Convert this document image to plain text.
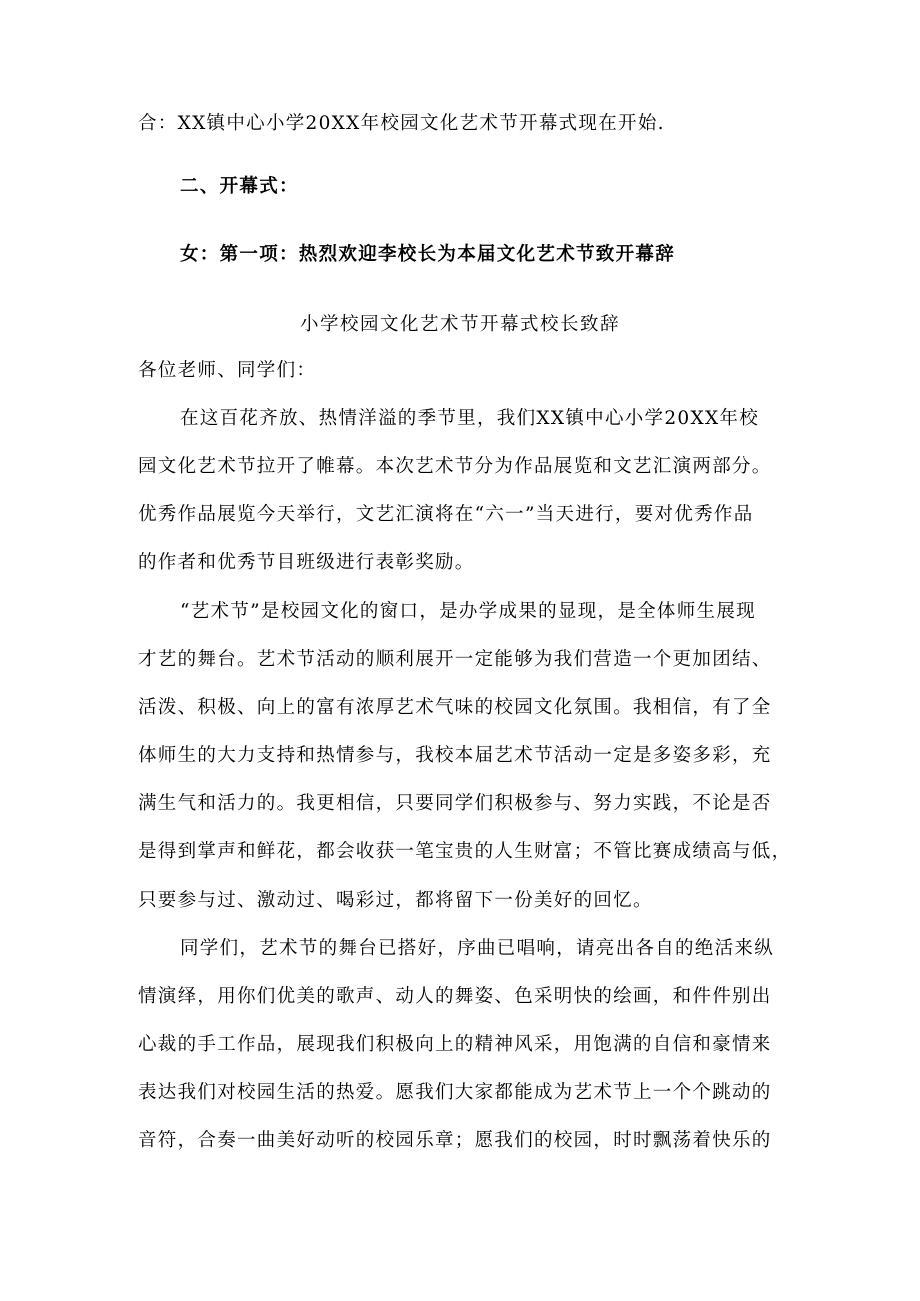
合：XX镇中心小学20XX年校园文化艺术节开幕式现在开始.
二、开幕式：
女：第一项：热烈欢迎李校长为本届文化艺术节致开幕辞
小学校园文化艺术节开幕式校长致辞
各位老师、同学们：
在这百花齐放、热情洋溢的季节里，我们XX镇中心小学20XX年校
园文化艺术节拉开了帷幕。本次艺术节分为作品展览和文艺汇演两部分。
优秀作品展览今天举行，文艺汇演将在“六一”当天进行，要对优秀作品
的作者和优秀节目班级进行表彰奖励。
“艺术节”是校园文化的窗口，是办学成果的显现，是全体师生展现
才艺的舞台。艺术节活动的顺利展开一定能够为我们营造一个更加团结、
活泼、积极、向上的富有浓厚艺术气味的校园文化氛围。我相信，有了全
体师生的大力支持和热情参与，我校本届艺术节活动一定是多姿多彩，充
满生气和活力的。我更相信，只要同学们积极参与、努力实践，不论是否
是得到掌声和鲜花，都会收获一笔宝贵的人生财富；不管比赛成绩高与低，
只要参与过、激动过、喝彩过，都将留下一份美好的回忆。
同学们，艺术节的舞台已搭好，序曲已唱响，请亮出各自的绝活来纵
情演绎，用你们优美的歌声、动人的舞姿、色采明快的绘画，和件件别出
心裁的手工作品，展现我们积极向上的精神风采，用饱满的自信和豪情来
表达我们对校园生活的热爱。愿我们大家都能成为艺术节上一个个跳动的
音符，合奏一曲美好动听的校园乐章；愿我们的校园，时时飘荡着快乐的
